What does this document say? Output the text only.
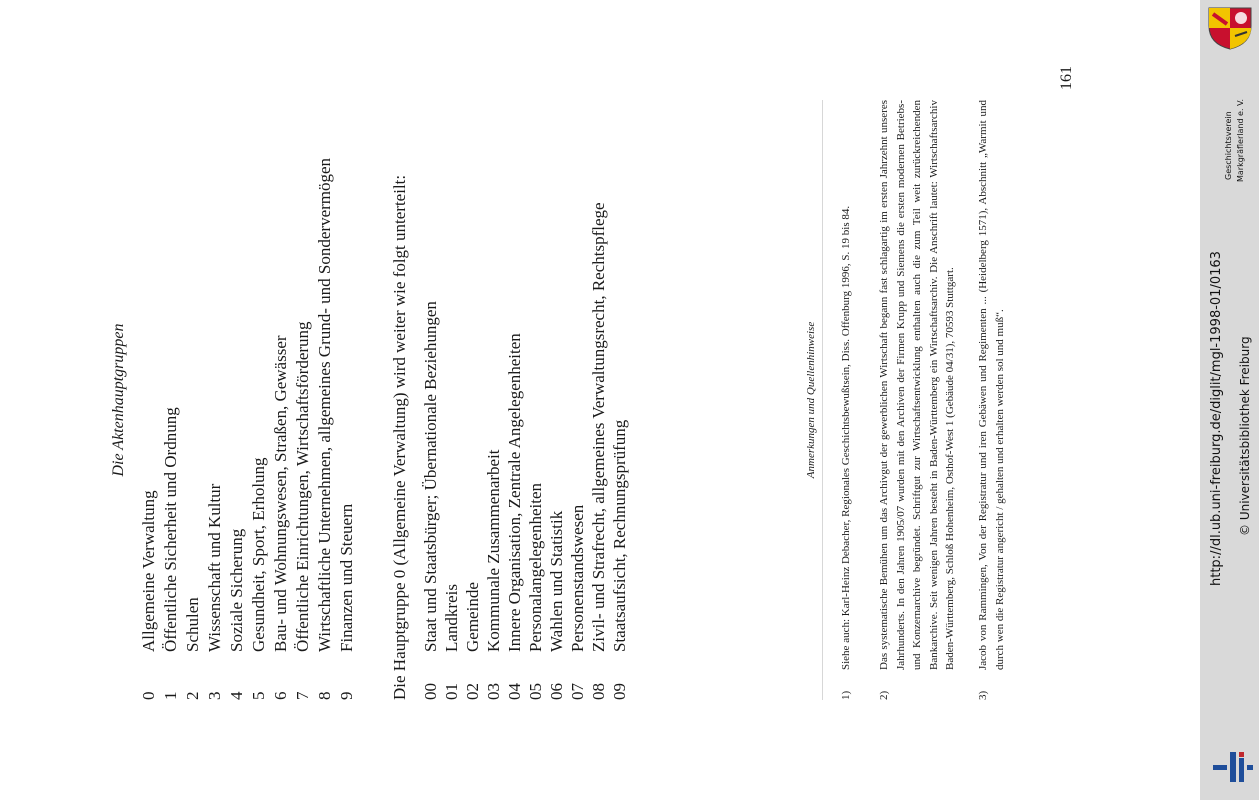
Die Aktenhauptgruppen
0Allgemeine Verwaltung
1Öffentliche Sicherheit und Ordnung
2Schulen
3Wissenschaft und Kultur
4Soziale Sicherung
5Gesundheit, Sport, Erholung
6Bau- und Wohnungswesen, Straßen, Gewässer
7Öffentliche Einrichtungen, Wirtschaftsförderung
8Wirtschaftliche Unternehmen, allgemeines Grund- und Sondervermögen
9Finanzen und Steuern Die Hauptgruppe 0 (Allgemeine Verwaltung) wird weiter wie folgt unterteilt: 00Staat und Staatsbürger; Übernationale Beziehungen
01Landkreis
02Gemeinde
03Kommunale Zusammenarbeit
04Innere Organisation, Zentrale Angelegenheiten
05Personalangelegenheiten
06Wahlen und Statistik
07Personenstandswesen
08Zivil- und Strafrecht, allgemeines Verwaltungsrecht, Rechtspflege
09Staatsaufsicht, Rechnungsprüfung
Anmerkungen und Quellenhinweise
1)
Siehe auch: Karl-Heinz Debacher, Regionales Geschichtsbewußtsein, Diss. Offenburg 1996, S. 19 bis 84.
2)
Das systematische Bemühen um das Archivgut der gewerblichen Wirtschaft begann fast schlagartig im ersten Jahrzehnt unseres Jahrhunderts. In den Jahren 1905/07 wurden mit den Archiven der Firmen Krupp und Siemens die ersten modernen Betriebs- und Konzernarchive begründet. Schriftgut zur Wirtschaftsentwicklung enthalten auch die zum Teil weit zurückreichenden Bankarchive. Seit wenigen Jahren besteht in Baden-Württemberg ein Wirtschaftsarchiv. Die Anschrift lautet: Wirtschaftsarchiv Baden-Württemberg, Schloß Hohenheim, Osthof-West 1 (Gebäude 04/31), 70593 Stuttgart.
3)
Jacob von Rammingen, Von der Registratur und iren Gebäwen und Regimenten ... (Heidelberg 1571), Abschnitt „Warmit und durch wen die Registratur angericht / gehalten und erhalten werden sol und muß“.
161
Geschichtsverein Markgräflerland e. V.
http://dl.ub.uni-freiburg.de/diglit/mgl-1998-01/0163 © Universitätsbibliothek Freiburg
